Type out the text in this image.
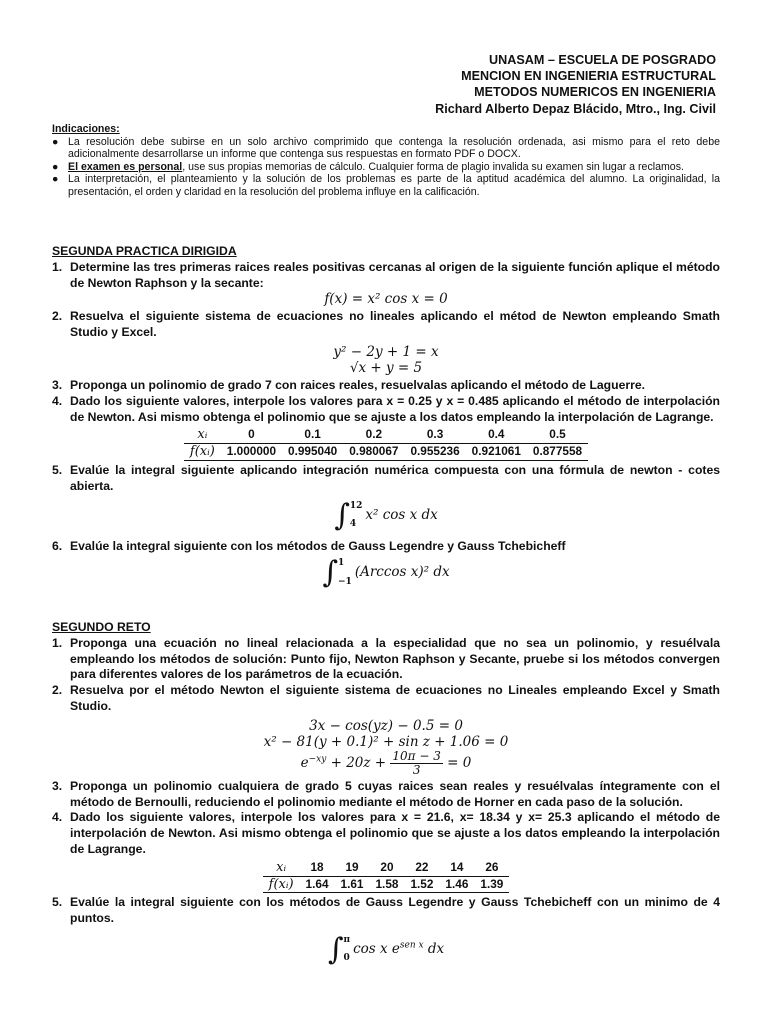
UNASAM – ESCUELA DE POSGRADO
MENCION EN INGENIERIA ESTRUCTURAL
METODOS NUMERICOS EN INGENIERIA
Richard Alberto Depaz Blácido, Mtro., Ing. Civil
Indicaciones:
● La resolución debe subirse en un solo archivo comprimido que contenga la resolución ordenada, asi mismo para el reto debe adicionalmente desarrollarse un informe que contenga sus respuestas en formato PDF o DOCX.
● El examen es personal, use sus propias memorias de cálculo. Cualquier forma de plagio invalida su examen sin lugar a reclamos.
● La interpretación, el planteamiento y la solución de los problemas es parte de la aptitud académica del alumno. La originalidad, la presentación, el orden y claridad en la resolución del problema influye en la calificación.
SEGUNDA PRACTICA DIRIGIDA
1. Determine las tres primeras raices reales positivas cercanas al origen de la siguiente función aplique el método de Newton Raphson y la secante:
f(x) = x² cos x = 0
2. Resuelva el siguiente sistema de ecuaciones no lineales aplicando el métod de Newton empleando Smath Studio y Excel.
y² − 2y + 1 = x
√x + y = 5
3. Proponga un polinomio de grado 7 con raices reales, resuelvalas aplicando el método de Laguerre.
4. Dado los siguiente valores, interpole los valores para x = 0.25 y x = 0.485 aplicando el método de interpolación de Newton. Asi mismo obtenga el polinomio que se ajuste a los datos empleando la interpolación de Lagrange.
xᵢ	0	0.1	0.2	0.3	0.4	0.5
f(xᵢ)	1.000000	0.995040	0.980067	0.955236	0.921061	0.877558
5. Evalúe la integral siguiente aplicando integración numérica compuesta con una fórmula de newton - cotes abierta.
∫ 12
4
x² cos x dx
6. Evalúe la integral siguiente con los métodos de Gauss Legendre y Gauss Tchebicheff
∫ 1
−1
(Arccos x)² dx
SEGUNDO RETO
1. Proponga una ecuación no lineal relacionada a la especialidad que no sea un polinomio, y resuélvala empleando los métodos de solución: Punto fijo, Newton Raphson y Secante, pruebe si los métodos convergen para diferentes valores de los parámetros de la ecuación.
2. Resuelva por el método Newton el siguiente sistema de ecuaciones no Lineales empleando Excel y Smath Studio.
3x − cos(yz) − 0.5 = 0
x² − 81(y + 0.1)² + sin z + 1.06 = 0
$e^{-xy} + 20z + \frac{10\pi - 3}{3} = 0$
3. Proponga un polinomio cualquiera de grado 5 cuyas raices sean reales y resuélvalas íntegramente con el método de Bernoulli, reduciendo el polinomio mediante el método de Horner en cada paso de la solución.
4. Dado los siguiente valores, interpole los valores para x = 21.6, x= 18.34 y x= 25.3 aplicando el método de interpolación de Newton. Asi mismo obtenga el polinomio que se ajuste a los datos empleando la interpolación de Lagrange.
xᵢ	18	19	20	22	14	26
f(xᵢ)	1.64	1.61	1.58	1.52	1.46	1.39
5. Evalúe la integral siguiente con los métodos de Gauss Legendre y Gauss Tchebicheff con un minimo de 4 puntos.
∫ π
0
cos x $e^{sen x}$ dx
